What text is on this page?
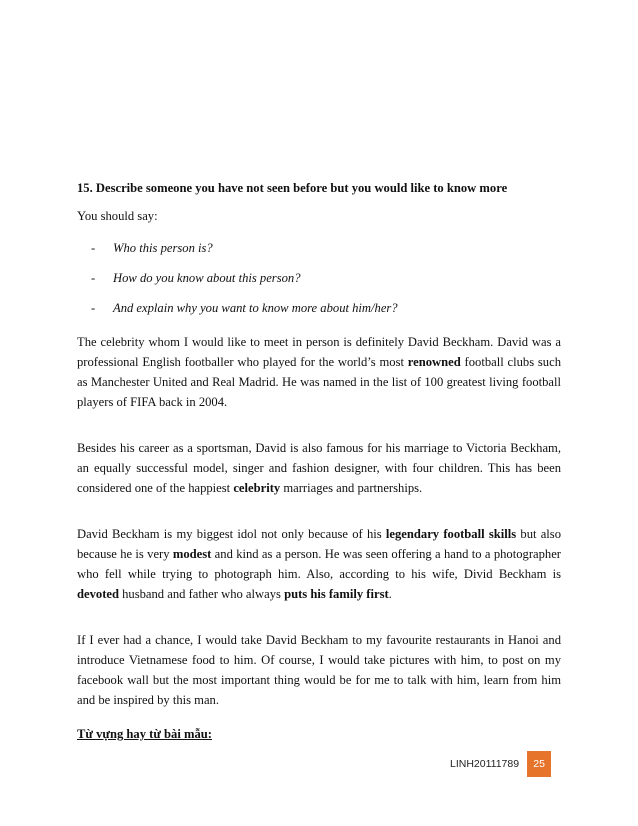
15. Describe someone you have not seen before but you would like to know more

You should say:

- Who this person is?
- How do you know about this person?
- And explain why you want to know more about him/her?

The celebrity whom I would like to meet in person is definitely David Beckham. David was a professional English footballer who played for the world’s most renowned football clubs such as Manchester United and Real Madrid. He was named in the list of 100 greatest living football players of FIFA back in 2004.

Besides his career as a sportsman, David is also famous for his marriage to Victoria Beckham, an equally successful model, singer and fashion designer, with four children. This has been considered one of the happiest celebrity marriages and partnerships.

David Beckham is my biggest idol not only because of his legendary football skills but also because he is very modest and kind as a person. He was seen offering a hand to a photographer who fell while trying to photograph him. Also, according to his wife, Divid Beckham is devoted husband and father who always puts his family first.

If I ever had a chance, I would take David Beckham to my favourite restaurants in Hanoi and introduce Vietnamese food to him. Of course, I would take pictures with him, to post on my facebook wall but the most important thing would be for me to talk with him, learn from him and be inspired by this man.

Từ vựng hay từ bài mẫu:

LINH20111789	25
